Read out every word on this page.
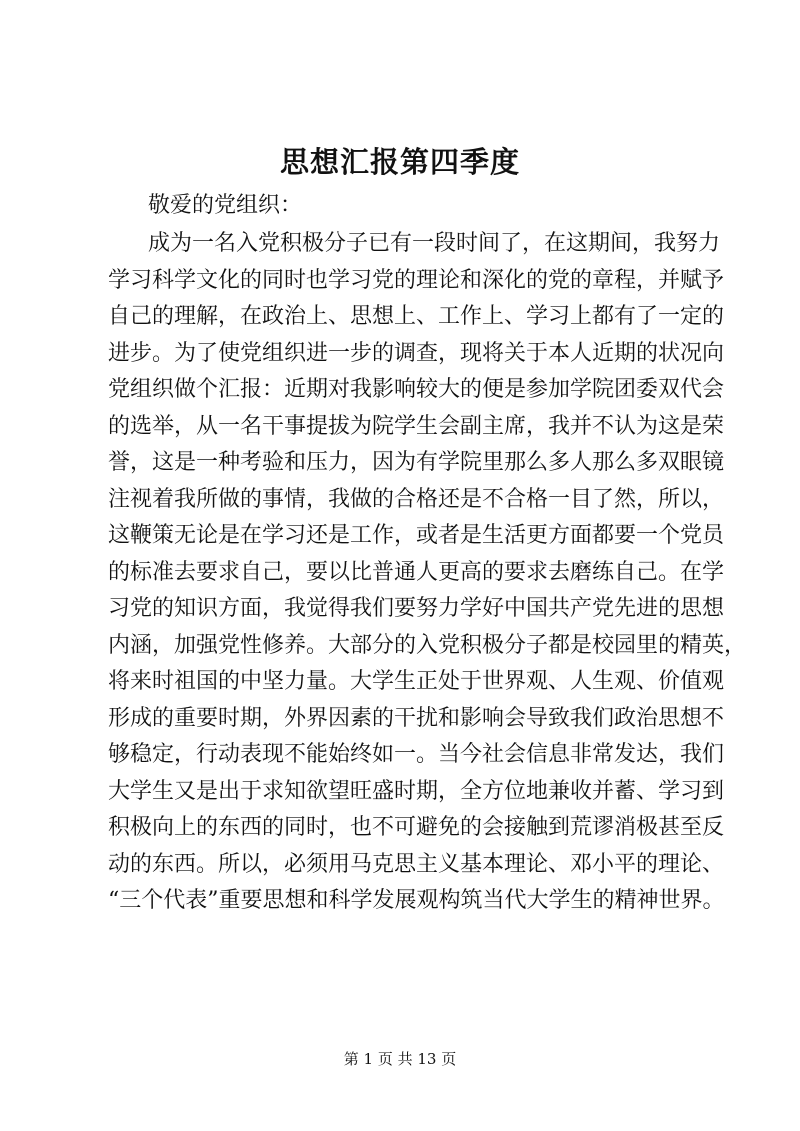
思想汇报第四季度
敬爱的党组织：
成为一名入党积极分子已有一段时间了，在这期间，我努力
学习科学文化的同时也学习党的理论和深化的党的章程，并赋予
自己的理解，在政治上、思想上、工作上、学习上都有了一定的
进步。为了使党组织进一步的调查，现将关于本人近期的状况向
党组织做个汇报：近期对我影响较大的便是参加学院团委双代会
的选举，从一名干事提拔为院学生会副主席，我并不认为这是荣
誉，这是一种考验和压力，因为有学院里那么多人那么多双眼镜
注视着我所做的事情，我做的合格还是不合格一目了然，所以，
这鞭策无论是在学习还是工作，或者是生活更方面都要一个党员
的标准去要求自己，要以比普通人更高的要求去磨练自己。在学
习党的知识方面，我觉得我们要努力学好中国共产党先进的思想
内涵，加强党性修养。大部分的入党积极分子都是校园里的精英，
将来时祖国的中坚力量。大学生正处于世界观、人生观、价值观
形成的重要时期，外界因素的干扰和影响会导致我们政治思想不
够稳定，行动表现不能始终如一。当今社会信息非常发达，我们
大学生又是出于求知欲望旺盛时期，全方位地兼收并蓄、学习到
积极向上的东西的同时，也不可避免的会接触到荒谬消极甚至反
动的东西。所以，必须用马克思主义基本理论、邓小平的理论、
“三个代表”重要思想和科学发展观构筑当代大学生的精神世界。
第 1 页 共 13 页
